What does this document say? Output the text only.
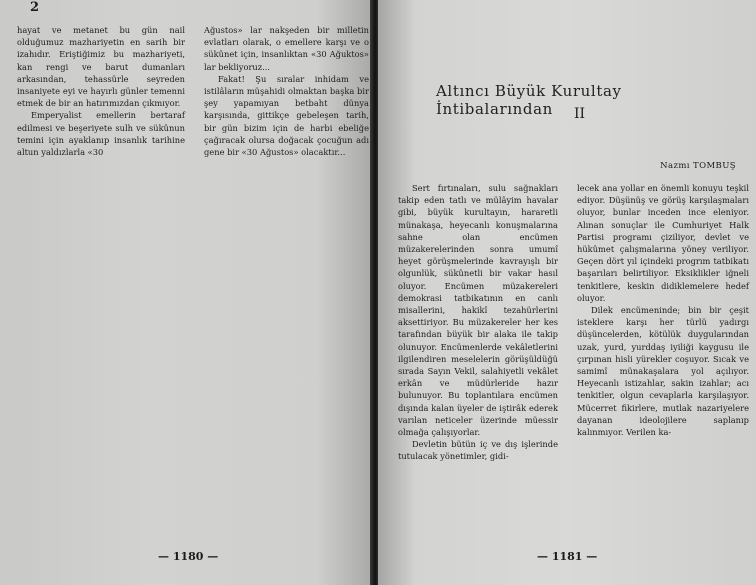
2

hayat ve metanet bu gün nail olduğumuz mazhariyetin en sarih bir izahıdır. Eriştiğimiz bu mazhariyeti, kan rengi ve barut dumanları arkasından, tehassürle seyreden insaniyete eyi ve hayırlı günler temenni etmek de bir an hatırımızdan çıkmıyor.

Emperyalist emellerin bertaraf edilmesi ve beşeriyete sulh ve sükûnun temini için ayaklanıp insanlık tarihine altun yaldızlarla «30

Ağustos» lar nakşeden bir milletin evlatları olarak, o emellere karşı ve o sükûnet için, insanlıktan «30 Ağuktos» lar bekliyoruz...

Fakat! Şu sıralar inhidam ve istilâların müşahidi olmaktan başka bir şey yapamıyan betbaht dünya karşısında, gittikçe gebeleşen tarih, bir gün bizim için de harbi ebeliğe çağıracak olursa doğacak çocuğun adı gene bir «30 Ağustos» olacaktır...

— 1180 —
Altıncı Büyük Kurultay İntibalarından	II
Nazmı TOMBUŞ

Sert fırtınaları, sulu sağnakları takip eden tatlı ve mülâyim havalar gibi, büyük kurultayın, hararetli münakaşa, heyecanlı konuşmalarına sahne olan encümen müzakerelerinden sonra umumî heyet görüşmelerinde kavrayışlı bir olgunlük, sükûnetli bir vakar hasıl oluyor. Encümen müzakereleri demokrasi tatbikatının en canlı misallerini, hakikî tezahürlerini aksettiriyor. Bu müzakereler her kes tarafından büyük bir alaka ile takip olunuyor. Encümenlerde vekâletlerini ilgilendiren meselelerin görüşüldüğü sırada Sayın Vekil, salahiyetli vekâlet erkân ve müdürleride hazır bulunuyor. Bu toplantılara encümen dışında kalan üyeler de iştirâk ederek varılan neticeler üzerinde müessir olmağa çalışıyorlar.

Devletin bütün iç ve dış işlerinde tutulacak yönetimler, gidi-

lecek ana yollar en önemli konuyu teşkil ediyor. Düşünüş ve görüş karşılaşmaları oluyor, bunlar inceden ince eleniyor. Alınan sonuçlar ile Cumhuriyet Halk Partisi programı çiziliyor, devlet ve hükûmet çalışmalarına yöney veriliyor. Geçen dört yıl içindeki progrım tatbikatı başarıları belirtiliyor. Eksiklikler iğneli tenkitlere, keskin didiklemelere hedef oluyor.

Dilek encümeninde; bin bir çeşit isteklere karşı her türlü yadırgı düşüncelerden, kötülük duygularından uzak, yurd, yurddaş iyiliği kaygusu ile çırpınan hisli yürekler coşuyor. Sıcak ve samimî münakaşalara yol açılıyor. Heyecanlı istizahlar, sakin izahlar; acı tenkitler, olgun cevaplarla karşılaşıyor. Mücerret fikirlere, mutlak nazariyelere dayanan ideolojilere saplanıp kalınmıyor. Verilen ka-

— 1181 —
